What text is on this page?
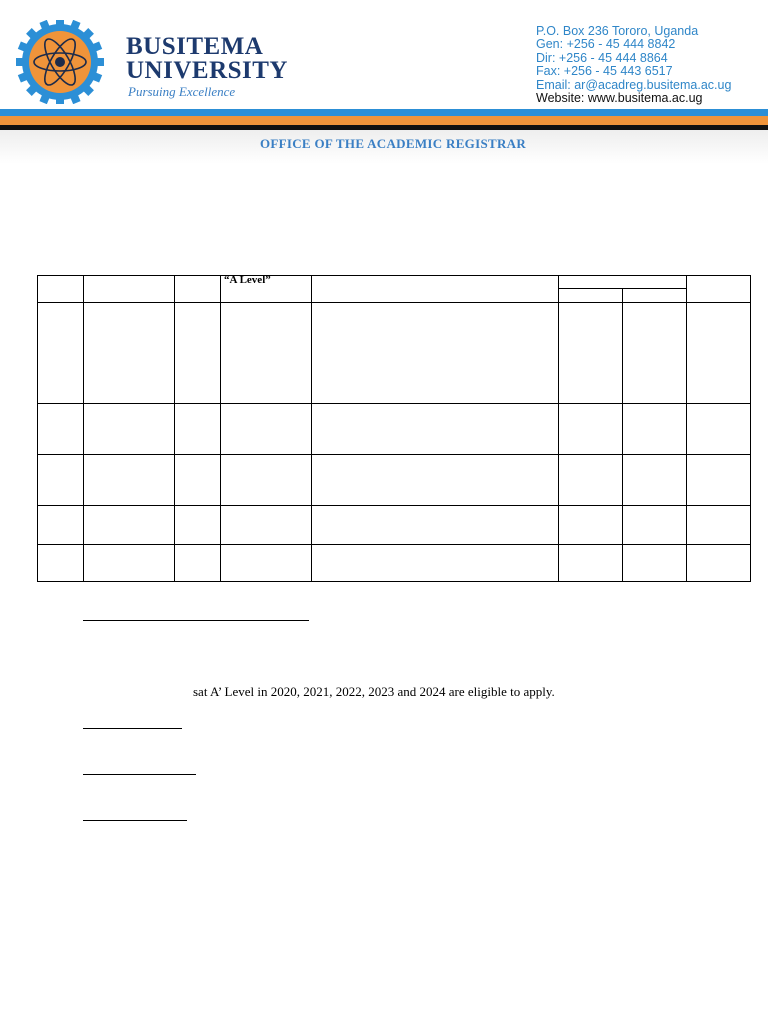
BUSITEMA
UNIVERSITY
Pursuing Excellence
P.O. Box 236 Tororo, Uganda
Gen: +256 - 45 444 8842
Dir: +256 - 45 444 8864
Fax: +256 - 45 443 6517
Email: ar@acadreg.busitema.ac.ug
Website: www.busitema.ac.ug
OFFICE OF THE ACADEMIC REGISTRAR
“A Level”
sat A’ Level in 2020, 2021, 2022, 2023 and 2024 are eligible to apply.
